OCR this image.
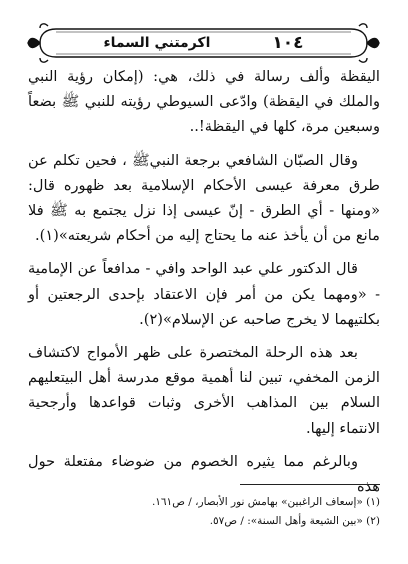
١٠٤
اكرمتني السماء

اليقظة وألف رسالة في ذلك، هي: (إمكان رؤية النبي والملك في اليقظة) وادّعى السيوطي رؤيته للنبي ﷺ بضعاً وسبعين مرة، كلها في اليقظة!..

وقال الصبّان الشافعي برجعة النبيﷺ ، فحين تكلم عن طرق معرفة عيسى الأحكام الإسلامية بعد ظهوره قال: «ومنها - أي الطرق - إنّ عيسى إذا نزل يجتمع به ﷺ فلا مانع من أن يأخذ عنه ما يحتاج إليه من أحكام شريعته»(١).

قال الدكتور علي عبد الواحد وافي - مدافعاً عن الإمامية - «ومهما يكن من أمر فإن الاعتقاد بإحدى الرجعتين أو بكلتيهما لا يخرج صاحبه عن الإسلام»(٢).

بعد هذه الرحلة المختصرة على ظهر الأمواج لاكتشاف الزمن المخفي، تبين لنا أهمية موقع مدرسة أهل البيتعليهم السلام بين المذاهب الأخرى وثبات قواعدها وأرجحية الانتماء إليها.

وبالرغم مما يثيره الخصوم من ضوضاء مفتعلة حول هذه

(١) «إسعاف الراغبين» بهامش نور الأبصار، / ص١٦١.

(٢) «بين الشيعة وأهل السنة»: / ص٥٧.
